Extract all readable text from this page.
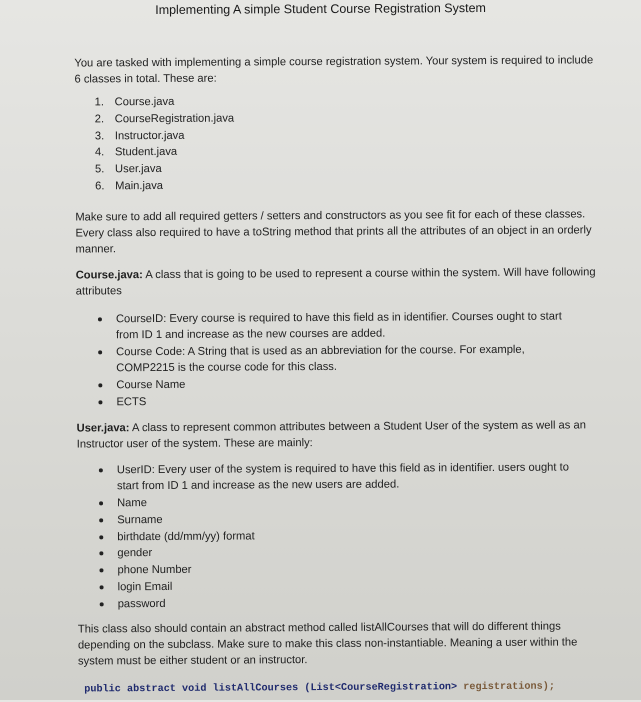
Implementing A simple Student Course Registration System
You are tasked with implementing a simple course registration system. Your system is required to include 6 classes in total. These are:
1. Course.java
2. CourseRegistration.java
3. Instructor.java
4. Student.java
5. User.java
6. Main.java
Make sure to add all required getters / setters and constructors as you see fit for each of these classes. Every class also required to have a toString method that prints all the attributes of an object in an orderly manner.
Course.java: A class that is going to be used to represent a course within the system. Will have following attributes
CourseID: Every course is required to have this field as in identifier. Courses ought to start from ID 1 and increase as the new courses are added.
Course Code: A String that is used as an abbreviation for the course. For example, COMP2215 is the course code for this class.
Course Name
ECTS
User.java: A class to represent common attributes between a Student User of the system as well as an Instructor user of the system. These are mainly:
UserID: Every user of the system is required to have this field as in identifier. users ought to start from ID 1 and increase as the new users are added.
Name
Surname
birthdate (dd/mm/yy) format
gender
phone Number
login Email
password
This class also should contain an abstract method called listAllCourses that will do different things depending on the subclass. Make sure to make this class non-instantiable. Meaning a user within the system must be either student or an instructor.
public abstract void listAllCourses (List<CourseRegistration> registrations);
